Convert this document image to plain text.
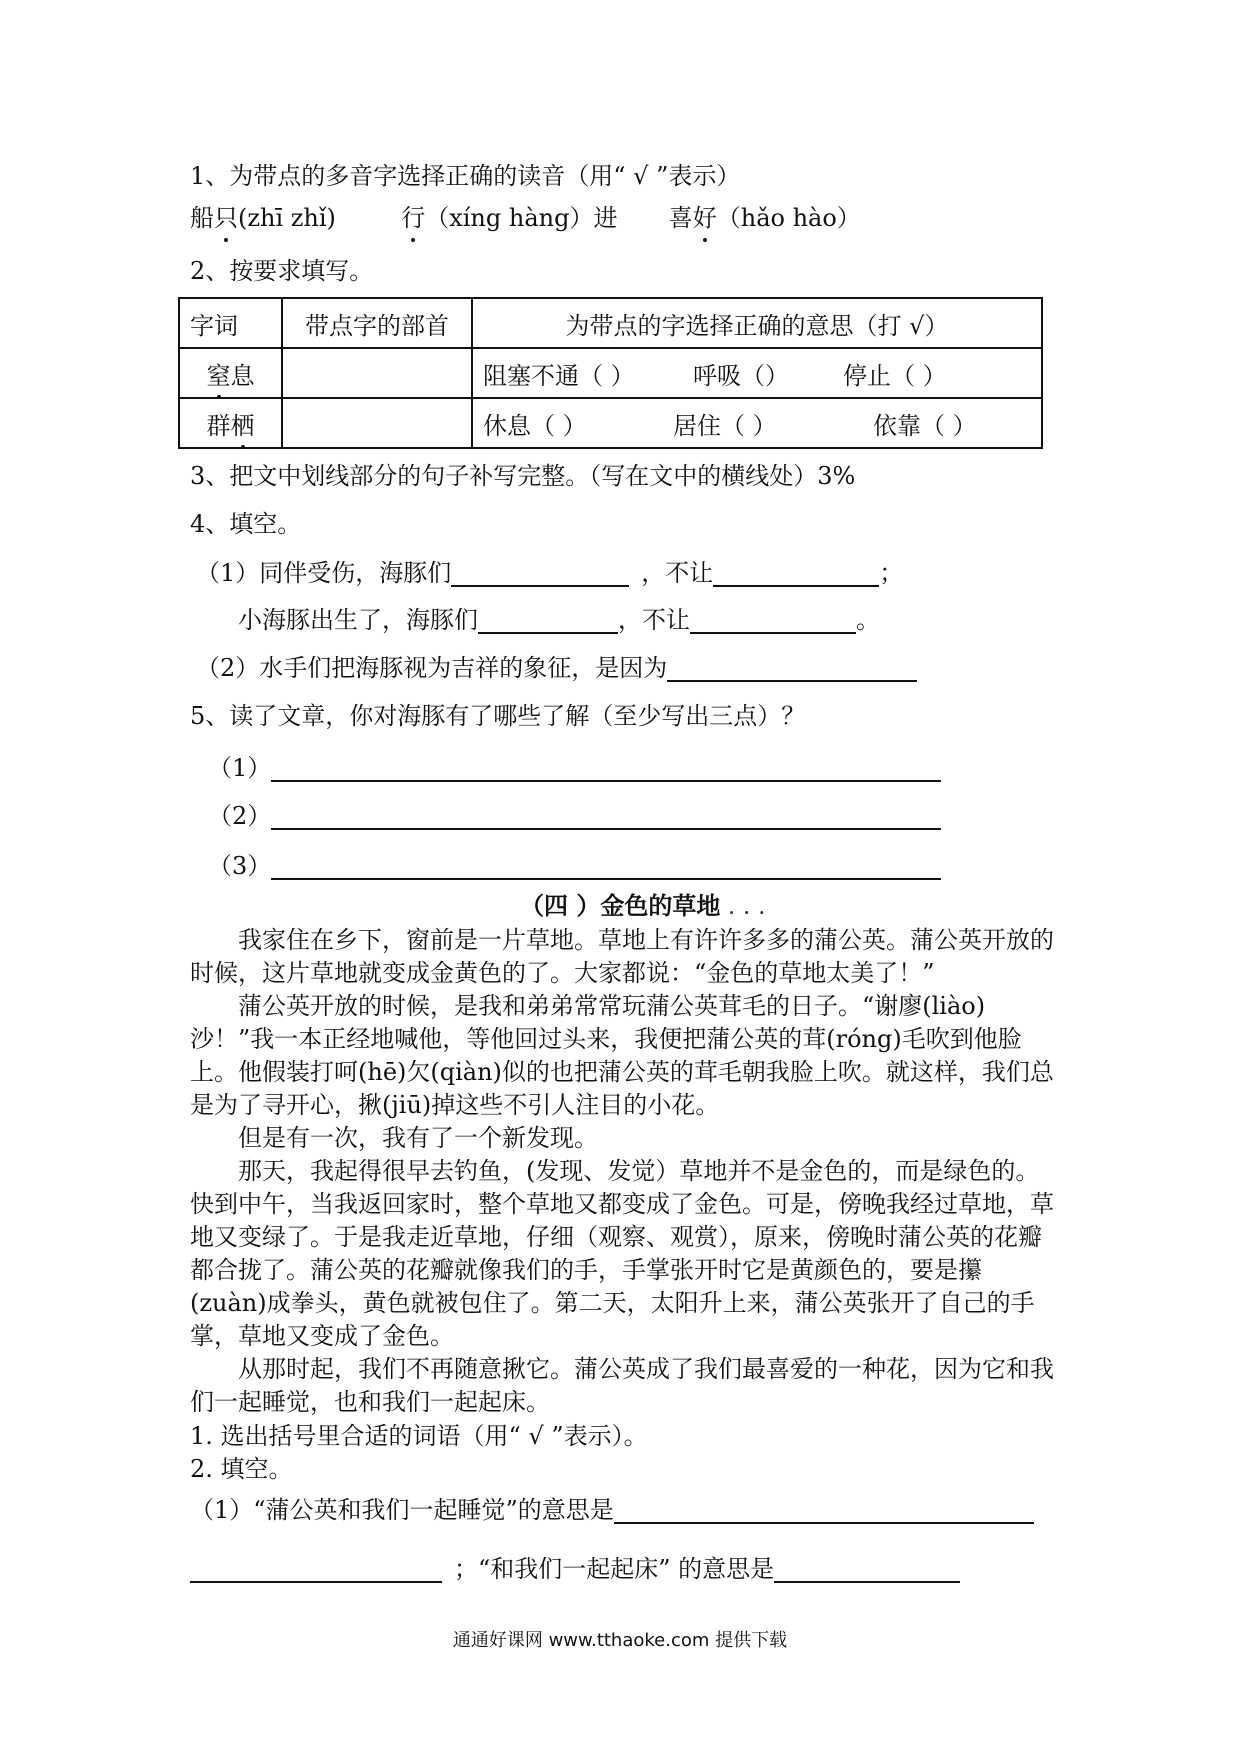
1、为带点的多音字选择正确的读音（用“ √ ”表示）
船只(zhī zhǐ)	行（xíng hàng）进 喜好（hǎo hào）
2、按要求填写。
字词	带点字的部首	为带点的字选择正确的意思（打 √）
窒息		阻塞不通（ ） 呼吸（） 停止（ ）
群栖		休息（ ） 居住（ ） 依靠（ ）
3、把文中划线部分的句子补写完整。（写在文中的横线处）3%
4、填空。
（1）同伴受伤，海豚们	，不让	；
小海豚出生了，海豚们	，不让	。
（2）水手们把海豚视为吉祥的象征，是因为
5、读了文章，你对海豚有了哪些了解（至少写出三点）？
（1）
（2）
（3）
（四 ）金色的草地 . . .
我家住在乡下，窗前是一片草地。草地上有许许多多的蒲公英。蒲公英开放的时候，这片草地就变成金黄色的了。大家都说：“金色的草地太美了！”
蒲公英开放的时候，是我和弟弟常常玩蒲公英茸毛的日子。“谢廖(liào)沙！”我一本正经地喊他，等他回过头来，我便把蒲公英的茸(róng)毛吹到他脸上。他假装打呵(hē)欠(qiàn)似的也把蒲公英的茸毛朝我脸上吹。就这样，我们总是为了寻开心，揪(jiū)掉这些不引人注目的小花。
但是有一次，我有了一个新发现。
那天，我起得很早去钓鱼，(发现、发觉）草地并不是金色的，而是绿色的。快到中午，当我返回家时，整个草地又都变成了金色。可是，傍晚我经过草地，草地又变绿了。于是我走近草地，仔细（观察、观赏），原来，傍晚时蒲公英的花瓣都合拢了。蒲公英的花瓣就像我们的手，手掌张开时它是黄颜色的，要是攥(zuàn)成拳头，黄色就被包住了。第二天，太阳升上来，蒲公英张开了自己的手掌，草地又变成了金色。
从那时起，我们不再随意揪它。蒲公英成了我们最喜爱的一种花，因为它和我们一起睡觉，也和我们一起起床。
1. 选出括号里合适的词语（用“ √ ”表示）。
2. 填空。
（1）“蒲公英和我们一起睡觉”的意思是
；“和我们一起起床” 的意思是
通通好课网 www.tthaoke.com 提供下载
